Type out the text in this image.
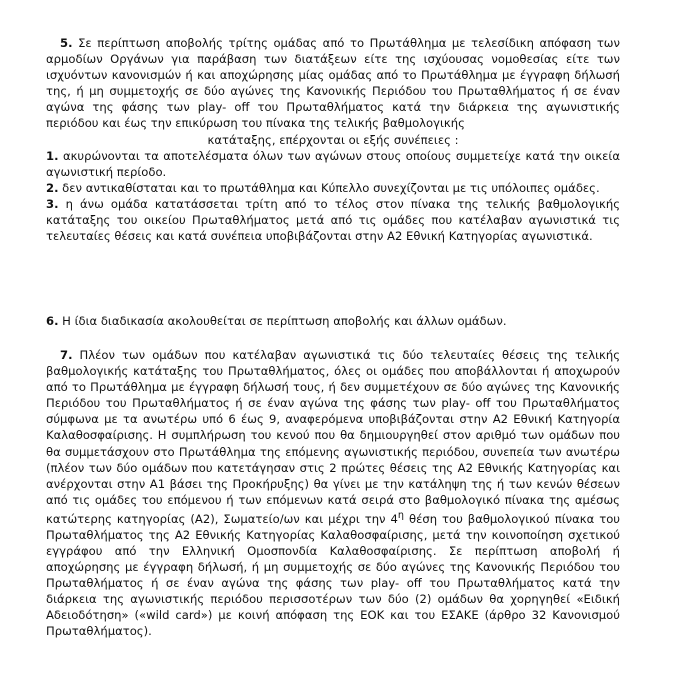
5. Σε περίπτωση αποβολής τρίτης ομάδας από το Πρωτάθλημα με τελεσίδικη απόφαση των αρμοδίων Οργάνων για παράβαση των διατάξεων είτε της ισχύουσας νομοθεσίας είτε των ισχυόντων κανονισμών ή και αποχώρησης μίας ομάδας από το Πρωτάθλημα με έγγραφη δήλωσή της, ή μη συμμετοχής σε δύο αγώνες της Κανονικής Περιόδου του Πρωταθλήματος ή σε έναν αγώνα της φάσης των play- off του Πρωταθλήματος κατά την διάρκεια της αγωνιστικής περιόδου και έως την επικύρωση του πίνακα της τελικής βαθμολογικής

κατάταξης, επέρχονται οι εξής συνέπειες :

1. ακυρώνονται τα αποτελέσματα όλων των αγώνων στους οποίους συμμετείχε κατά την οικεία αγωνιστική περίοδο.

2. δεν αντικαθίσταται και το πρωτάθλημα και Κύπελλο συνεχίζονται με τις υπόλοιπες ομάδες.

3. η άνω ομάδα κατατάσσεται τρίτη από το τέλος στον πίνακα της τελικής βαθμολογικής κατάταξης του οικείου Πρωταθλήματος μετά από τις ομάδες που κατέλαβαν αγωνιστικά τις τελευταίες θέσεις και κατά συνέπεια υποβιβάζονται στην Α2 Εθνική Κατηγορίας αγωνιστικά.

6. Η ίδια διαδικασία ακολουθείται σε περίπτωση αποβολής και άλλων ομάδων.

7. Πλέον των ομάδων που κατέλαβαν αγωνιστικά τις δύο τελευταίες θέσεις της τελικής βαθμολογικής κατάταξης του Πρωταθλήματος, όλες οι ομάδες που αποβάλλονται ή αποχωρούν από το Πρωτάθλημα με έγγραφη δήλωσή τους, ή δεν συμμετέχουν σε δύο αγώνες της Κανονικής Περιόδου του Πρωταθλήματος ή σε έναν αγώνα της φάσης των play- off του Πρωταθλήματος σύμφωνα με τα ανωτέρω υπό 6 έως 9, αναφερόμενα υποβιβάζονται στην Α2 Εθνική Κατηγορία Καλαθοσφαίρισης. Η συμπλήρωση του κενού που θα δημιουργηθεί στον αριθμό των ομάδων που θα συμμετάσχουν στο Πρωτάθλημα της επόμενης αγωνιστικής περιόδου, συνεπεία των ανωτέρω (πλέον των δύο ομάδων που κατετάγησαν στις 2 πρώτες θέσεις της Α2 Εθνικής Κατηγορίας και ανέρχονται στην Α1 βάσει της Προκήρυξης) θα γίνει με την κατάληψη της ή των κενών θέσεων από τις ομάδες του επόμενου ή των επόμενων κατά σειρά στο βαθμολογικό πίνακα της αμέσως κατώτερης κατηγορίας (Α2), Σωματείο/ων και μέχρι την $4^\eta$ θέση του βαθμολογικού πίνακα του Πρωταθλήματος της Α2 Εθνικής Κατηγορίας Καλαθοσφαίρισης, μετά την κοινοποίηση σχετικού εγγράφου από την Ελληνική Ομοσπονδία Καλαθοσφαίρισης. Σε περίπτωση αποβολή ή αποχώρησης με έγγραφη δήλωσή, ή μη συμμετοχής σε δύο αγώνες της Κανονικής Περιόδου του Πρωταθλήματος ή σε έναν αγώνα της φάσης των play- off του Πρωταθλήματος κατά την διάρκεια της αγωνιστικής περιόδου περισσοτέρων των δύο (2) ομάδων θα χορηγηθεί «Ειδική Αδειοδότηση» («wild card») με κοινή απόφαση της ΕΟΚ και του ΕΣΑΚΕ (άρθρο 32 Κανονισμού Πρωταθλήματος).
